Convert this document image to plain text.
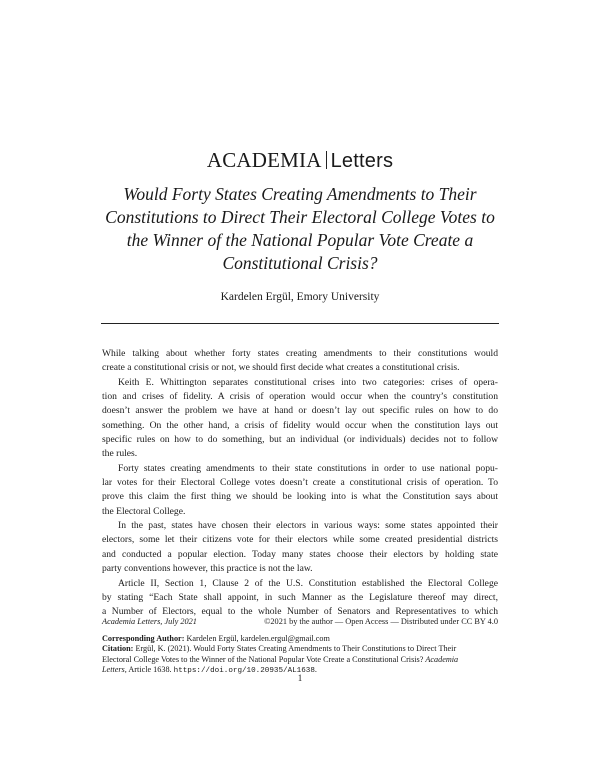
ACADEMIA Letters
Would Forty States Creating Amendments to Their
Constitutions to Direct Their Electoral College Votes to
the Winner of the National Popular Vote Create a
Constitutional Crisis?
Kardelen Ergül, Emory University
While talking about whether forty states creating amendments to their constitutions would
create a constitutional crisis or not, we should first decide what creates a constitutional crisis.
Keith E. Whittington separates constitutional crises into two categories: crises of opera-
tion and crises of fidelity. A crisis of operation would occur when the country’s constitution
doesn’t answer the problem we have at hand or doesn’t lay out specific rules on how to do
something. On the other hand, a crisis of fidelity would occur when the constitution lays out
specific rules on how to do something, but an individual (or individuals) decides not to follow
the rules.
Forty states creating amendments to their state constitutions in order to use national popu-
lar votes for their Electoral College votes doesn’t create a constitutional crisis of operation. To
prove this claim the first thing we should be looking into is what the Constitution says about
the Electoral College.
In the past, states have chosen their electors in various ways: some states appointed their
electors, some let their citizens vote for their electors while some created presidential districts
and conducted a popular election. Today many states choose their electors by holding state
party conventions however, this practice is not the law.
Article II, Section 1, Clause 2 of the U.S. Constitution established the Electoral College
by stating “Each State shall appoint, in such Manner as the Legislature thereof may direct,
a Number of Electors, equal to the whole Number of Senators and Representatives to which
Academia Letters, July 2021	©2021 by the author — Open Access — Distributed under CC BY 4.0
Corresponding Author: Kardelen Ergül, kardelen.ergul@gmail.com
Citation: Ergül, K. (2021). Would Forty States Creating Amendments to Their Constitutions to Direct Their
Electoral College Votes to the Winner of the National Popular Vote Create a Constitutional Crisis? Academia
Letters, Article 1638. https://doi.org/10.20935/AL1638.
1
